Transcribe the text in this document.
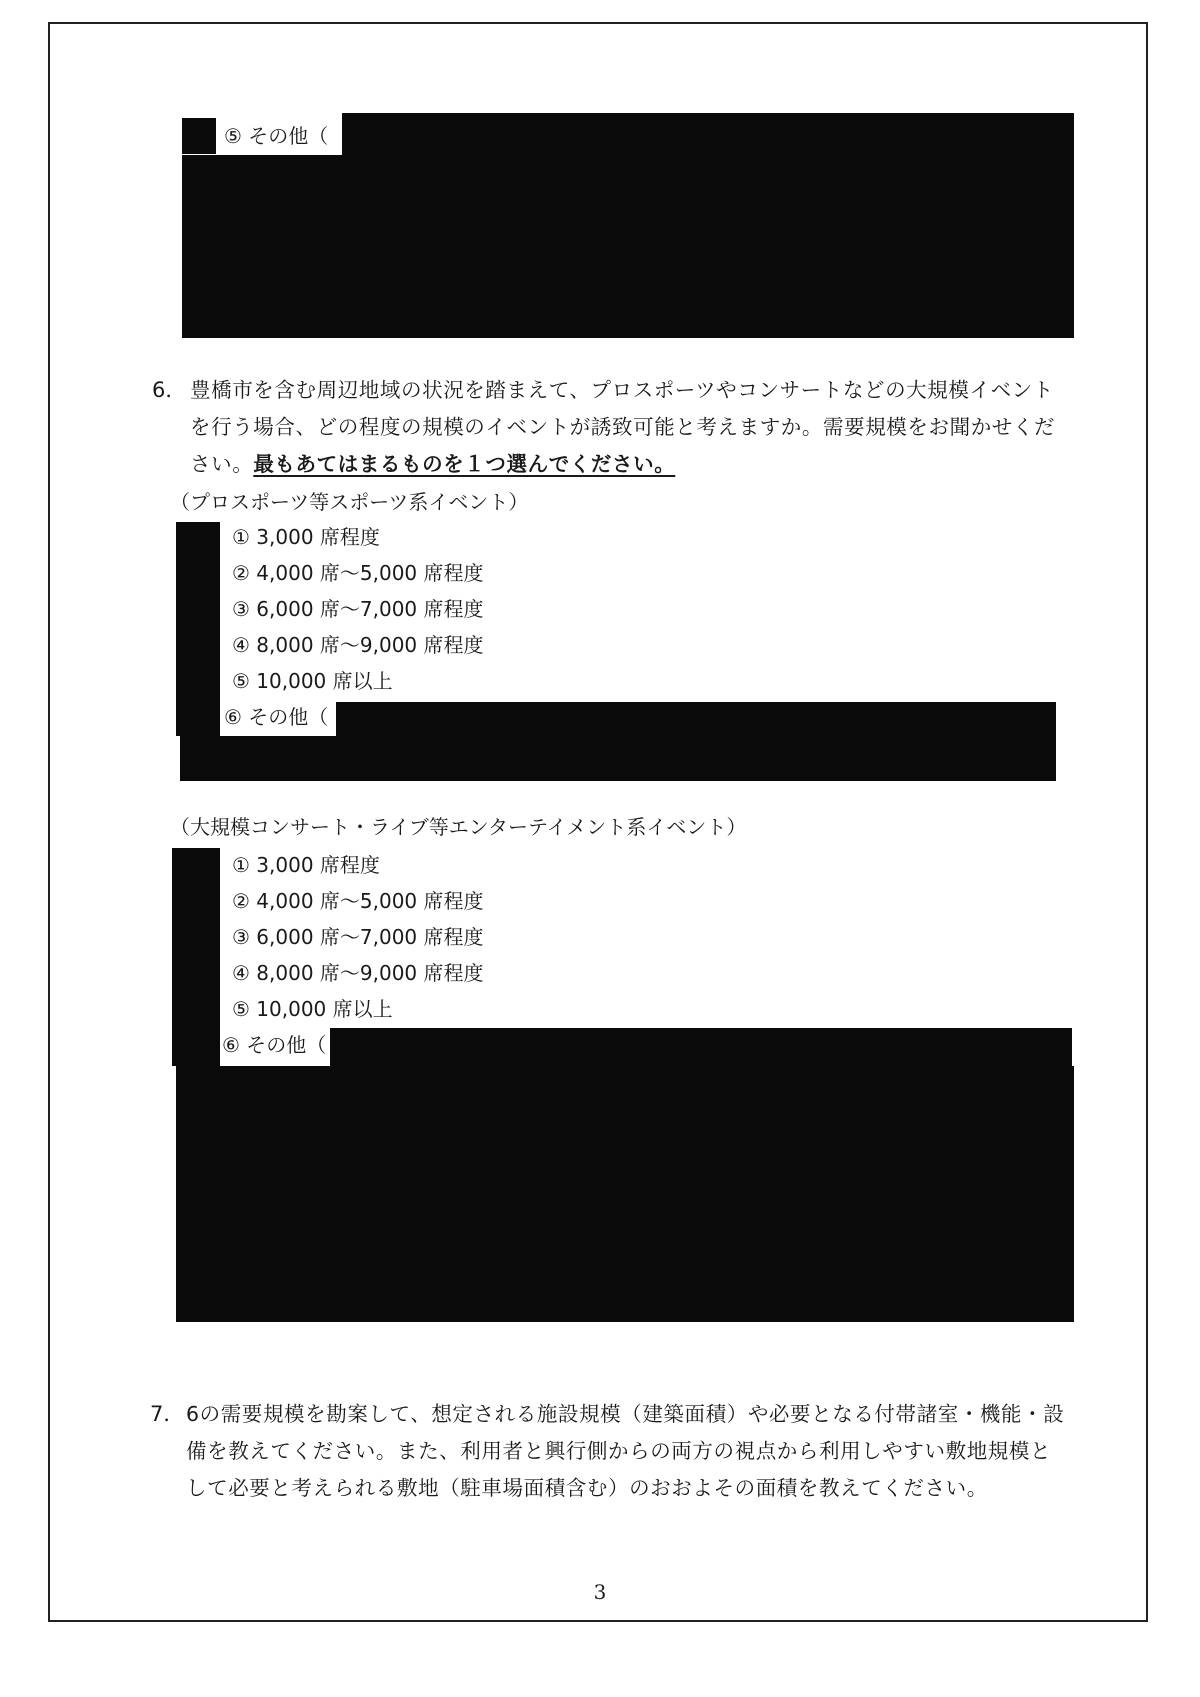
⑤ その他（
6． 豊橋市を含む周辺地域の状況を踏まえて、プロスポーツやコンサートなどの大規模イベント
を行う場合、どの程度の規模のイベントが誘致可能と考えますか。需要規模をお聞かせくだ
さい。最もあてはまるものを１つ選んでください。
（プロスポーツ等スポーツ系イベント）
① 3,000 席程度
② 4,000 席～5,000 席程度
③ 6,000 席～7,000 席程度
④ 8,000 席～9,000 席程度
⑤ 10,000 席以上
⑥ その他（
（大規模コンサート・ライブ等エンターテイメント系イベント）
① 3,000 席程度
② 4,000 席～5,000 席程度
③ 6,000 席～7,000 席程度
④ 8,000 席～9,000 席程度
⑤ 10,000 席以上
⑥ その他（
7． 6の需要規模を勘案して、想定される施設規模（建築面積）や必要となる付帯諸室・機能・設
備を教えてください。また、利用者と興行側からの両方の視点から利用しやすい敷地規模と
して必要と考えられる敷地（駐車場面積含む）のおおよその面積を教えてください。
3
